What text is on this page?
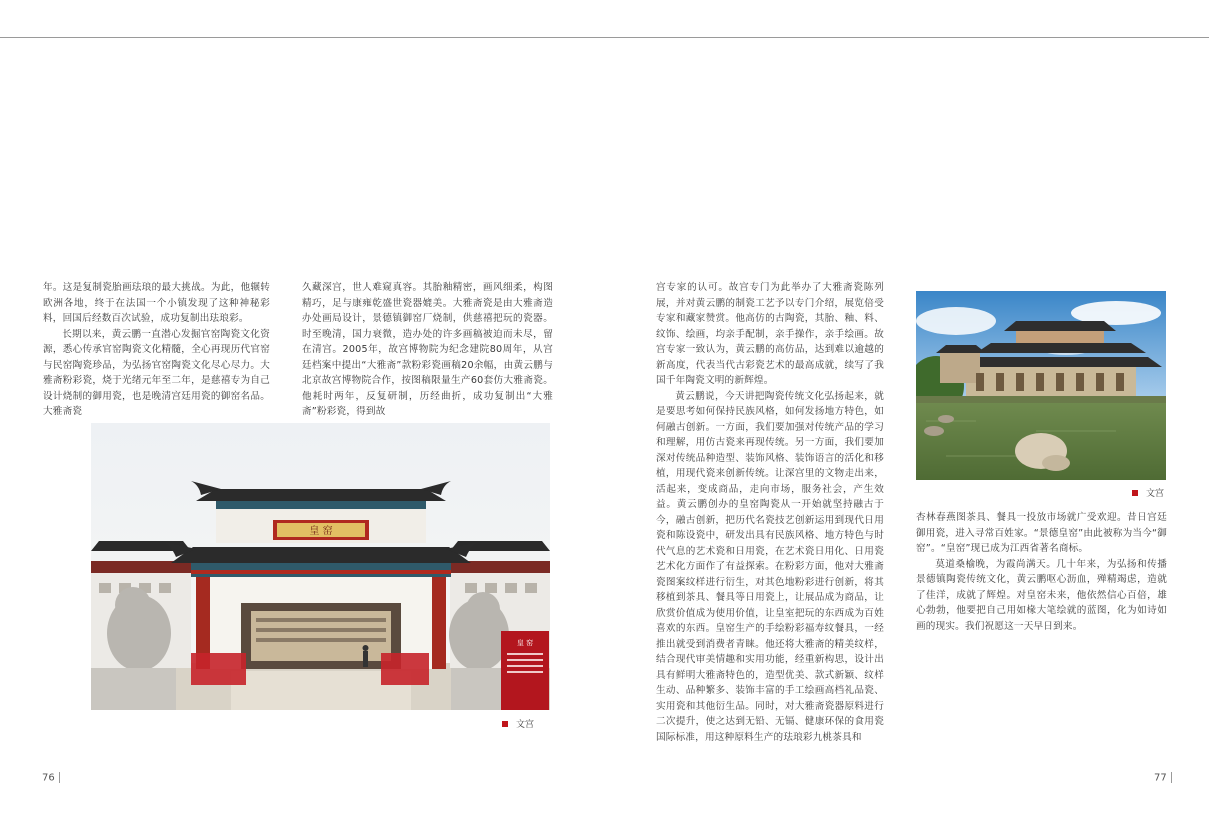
年。这是复制瓷胎画珐琅的最大挑战。为此，他辗转欧洲各地，终于在法国一个小镇发现了这种神秘彩料，回国后经数百次试验，成功复制出珐琅彩。

长期以来，黄云鹏一直潜心发掘官窑陶瓷文化资源，悉心传承官窑陶瓷文化精髓，全心再现历代官窑与民窑陶瓷珍品，为弘扬官窑陶瓷文化尽心尽力。大雅斋粉彩瓷，烧于光绪元年至二年，是慈禧专为自己设计烧制的御用瓷，也是晚清宫廷用瓷的御窑名品。大雅斋瓷

久藏深宫，世人难窥真容。其胎釉精密，画风细柔，构图精巧，足与康雍乾盛世瓷器媲美。大雅斋瓷是由大雅斋造办处画局设计，景德镇御窑厂烧制，供慈禧把玩的瓷器。时至晚清，国力衰微，造办处的许多画稿被迫而未尽，留在清宫。2005年，故宫博物院为纪念建院80周年，从宫廷档案中提出“大雅斋”款粉彩瓷画稿20余幅，由黄云鹏与北京故宫博物院合作，按图稿限量生产60套仿大雅斋瓷。他耗时两年，反复研制，历经曲折，成功复制出“大雅斋”粉彩瓷，得到故

皇 窑
皇 窑
文宫
76

宫专家的认可。故宫专门为此举办了大雅斋瓷陈列展，并对黄云鹏的制瓷工艺予以专门介绍，展览倍受专家和藏家赞赏。他高仿的古陶瓷，其胎、釉、料、纹饰、绘画，均亲手配制，亲手操作，亲手绘画。故宫专家一致认为，黄云鹏的高仿品，达到难以逾越的新高度，代表当代古彩瓷艺术的最高成就，续写了我国千年陶瓷文明的新辉煌。

黄云鹏说，今天讲把陶瓷传统文化弘扬起来，就是要思考如何保持民族风格，如何发扬地方特色，如何融古创新。一方面，我们要加强对传统产品的学习和理解，用仿古瓷来再现传统。另一方面，我们要加深对传统品种造型、装饰风格、装饰语言的活化和移植，用现代瓷来创新传统。让深宫里的文物走出来，活起来，变成商品，走向市场，服务社会，产生效益。黄云鹏创办的皇窑陶瓷从一开始就坚持融古于今，融古创新，把历代名瓷技艺创新运用到现代日用瓷和陈设瓷中，研发出具有民族风格、地方特色与时代气息的艺术瓷和日用瓷，在艺术瓷日用化、日用瓷艺术化方面作了有益探索。在粉彩方面，他对大雅斋瓷图案纹样进行衍生，对其色地粉彩进行创新，将其移植到茶具、餐具等日用瓷上，让展品成为商品，让欣赏价值成为使用价值，让皇室把玩的东西成为百姓喜欢的东西。皇窑生产的手绘粉彩福寿纹餐具，一经推出就受到消费者青睐。他还将大雅斋的精美纹样，结合现代审美情趣和实用功能，经重新构思，设计出具有鲜明大雅斋特色的，造型优美、款式新颖、纹样生动、品种繁多、装饰丰富的手工绘画高档礼品瓷、实用瓷和其他衍生品。同时，对大雅斋瓷器原料进行二次提升，使之达到无铅、无镉、健康环保的食用瓷国际标准，用这种原料生产的珐琅彩九桃茶具和

文宫

杏林春燕图茶具、餐具一投放市场就广受欢迎。昔日宫廷御用瓷，进入寻常百姓家。“景德皇窑”由此被称为当今“御窑”。“皇窑”现已成为江西省著名商标。

莫道桑榆晚，为霞尚满天。几十年来，为弘扬和传播景德镇陶瓷传统文化，黄云鹏呕心沥血，殚精竭虑，造就了佳洋，成就了辉煌。对皇窑未来，他依然信心百倍，雄心勃勃，他要把自己用如椽大笔绘就的蓝图，化为如诗如画的现实。我们祝愿这一天早日到来。

77
